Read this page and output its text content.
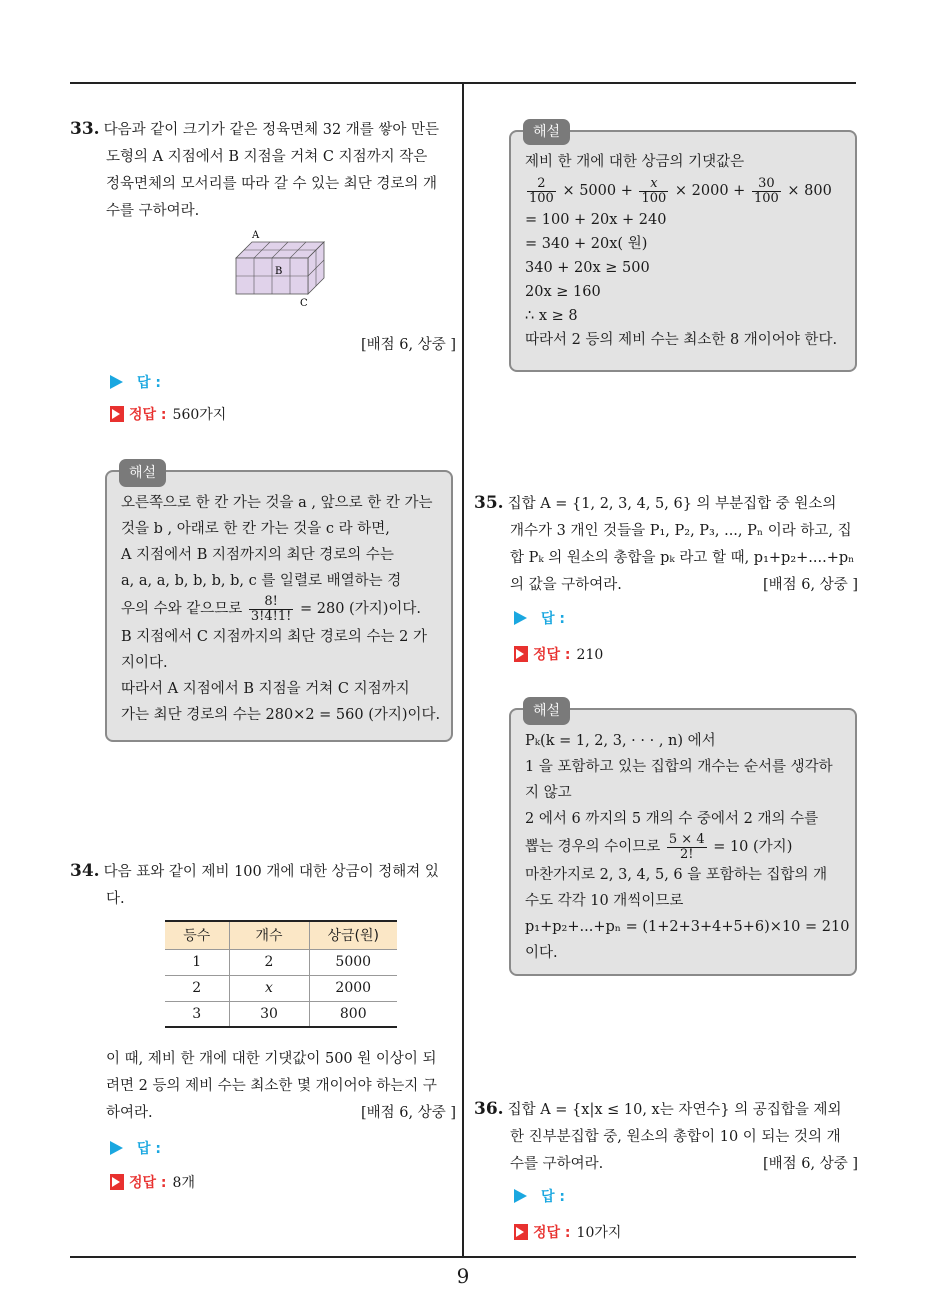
9
33. 다음과 같이 크기가 같은 정육면체 32 개를 쌓아 만든
도형의 A 지점에서 B 지점을 거쳐 C 지점까지 작은
정육면체의 모서리를 따라 갈 수 있는 최단 경로의 개
수를 구하여라.
A
B
C
[배점 6, 상중 ]
답 :
정답 : 560가지
해설
오른쪽으로 한 칸 가는 것을 a , 앞으로 한 칸 가는
것을 b , 아래로 한 칸 가는 것을 c 라 하면,
A 지점에서 B 지점까지의 최단 경로의 수는
a, a, a, b, b, b, b, c 를 일렬로 배열하는 경
우의 수와 같으므로 $\frac{8!}{3!4!1!} = 280$ (가지)이다.
B 지점에서 C 지점까지의 최단 경로의 수는 2 가
지이다.
따라서 A 지점에서 B 지점을 거쳐 C 지점까지
가는 최단 경로의 수는 280×2 = 560 (가지)이다.
34. 다음 표와 같이 제비 100 개에 대한 상금이 정해져 있
다.
등수	개수	상금(원)
1	2	5000
2	x	2000
3	30	800
이 때, 제비 한 개에 대한 기댓값이 500 원 이상이 되
려면 2 등의 제비 수는 최소한 몇 개이어야 하는지 구
하여라.	[배점 6, 상중 ]
답 :
정답 : 8개
해설
제비 한 개에 대한 상금의 기댓값은
$\frac{2}{100} \times 5000 + \frac{x}{100} \times 2000 + \frac{30}{100} \times 800$
= 100 + 20x + 240
= 340 + 20x( 원)
340 + 20x ≥ 500
20x ≥ 160
∴ x ≥ 8
따라서 2 등의 제비 수는 최소한 8 개이어야 한다.
35. 집합 A = {1, 2, 3, 4, 5, 6} 의 부분집합 중 원소의
개수가 3 개인 것들을 P₁, P₂, P₃, ..., Pₙ 이라 하고, 집
합 Pₖ 의 원소의 총합을 pₖ 라고 할 때, p₁+p₂+....+pₙ
의 값을 구하여라.	[배점 6, 상중 ]
답 :
정답 : 210
해설
Pₖ(k = 1, 2, 3, · · · , n) 에서
1 을 포함하고 있는 집합의 개수는 순서를 생각하
지 않고
2 에서 6 까지의 5 개의 수 중에서 2 개의 수를
뽑는 경우의 수이므로 $\frac{5 \times 4}{2!} = 10$ (가지)
마찬가지로 2, 3, 4, 5, 6 을 포함하는 집합의 개
수도 각각 10 개씩이므로
p₁+p₂+...+pₙ = (1+2+3+4+5+6)×10 = 210
이다.
36. 집합 A = {x|x ≤ 10, x는 자연수} 의 공집합을 제외
한 진부분집합 중, 원소의 총합이 10 이 되는 것의 개
수를 구하여라.	[배점 6, 상중 ]
답 :
정답 : 10가지
